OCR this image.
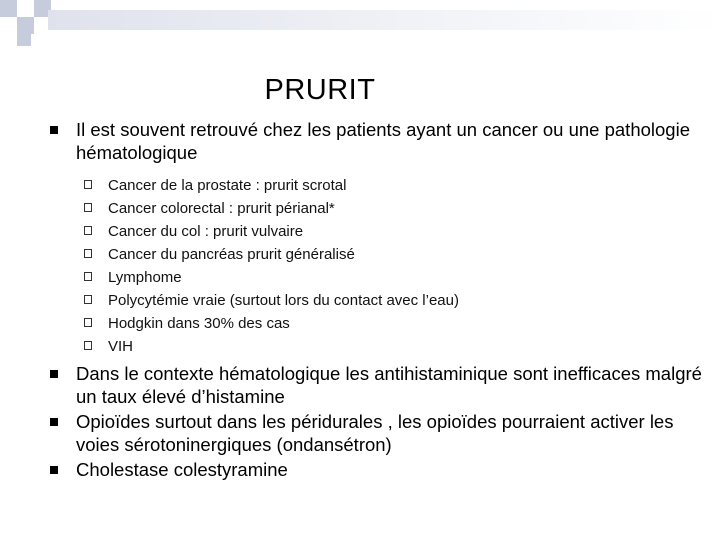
PRURIT
Il est souvent retrouvé chez les patients ayant un cancer ou une pathologie hématologique
Cancer de la prostate : prurit scrotal
Cancer colorectal : prurit périanal*
Cancer du col : prurit vulvaire
Cancer du pancréas prurit généralisé
Lymphome
Polycytémie vraie (surtout lors du contact avec l’eau)
Hodgkin dans 30% des cas
VIH
Dans le contexte hématologique les antihistaminique sont inefficaces malgré un taux élevé d’histamine
Opioïdes surtout dans les péridurales , les opioïdes pourraient activer les voies sérotoninergiques (ondansétron)
Cholestase colestyramine
